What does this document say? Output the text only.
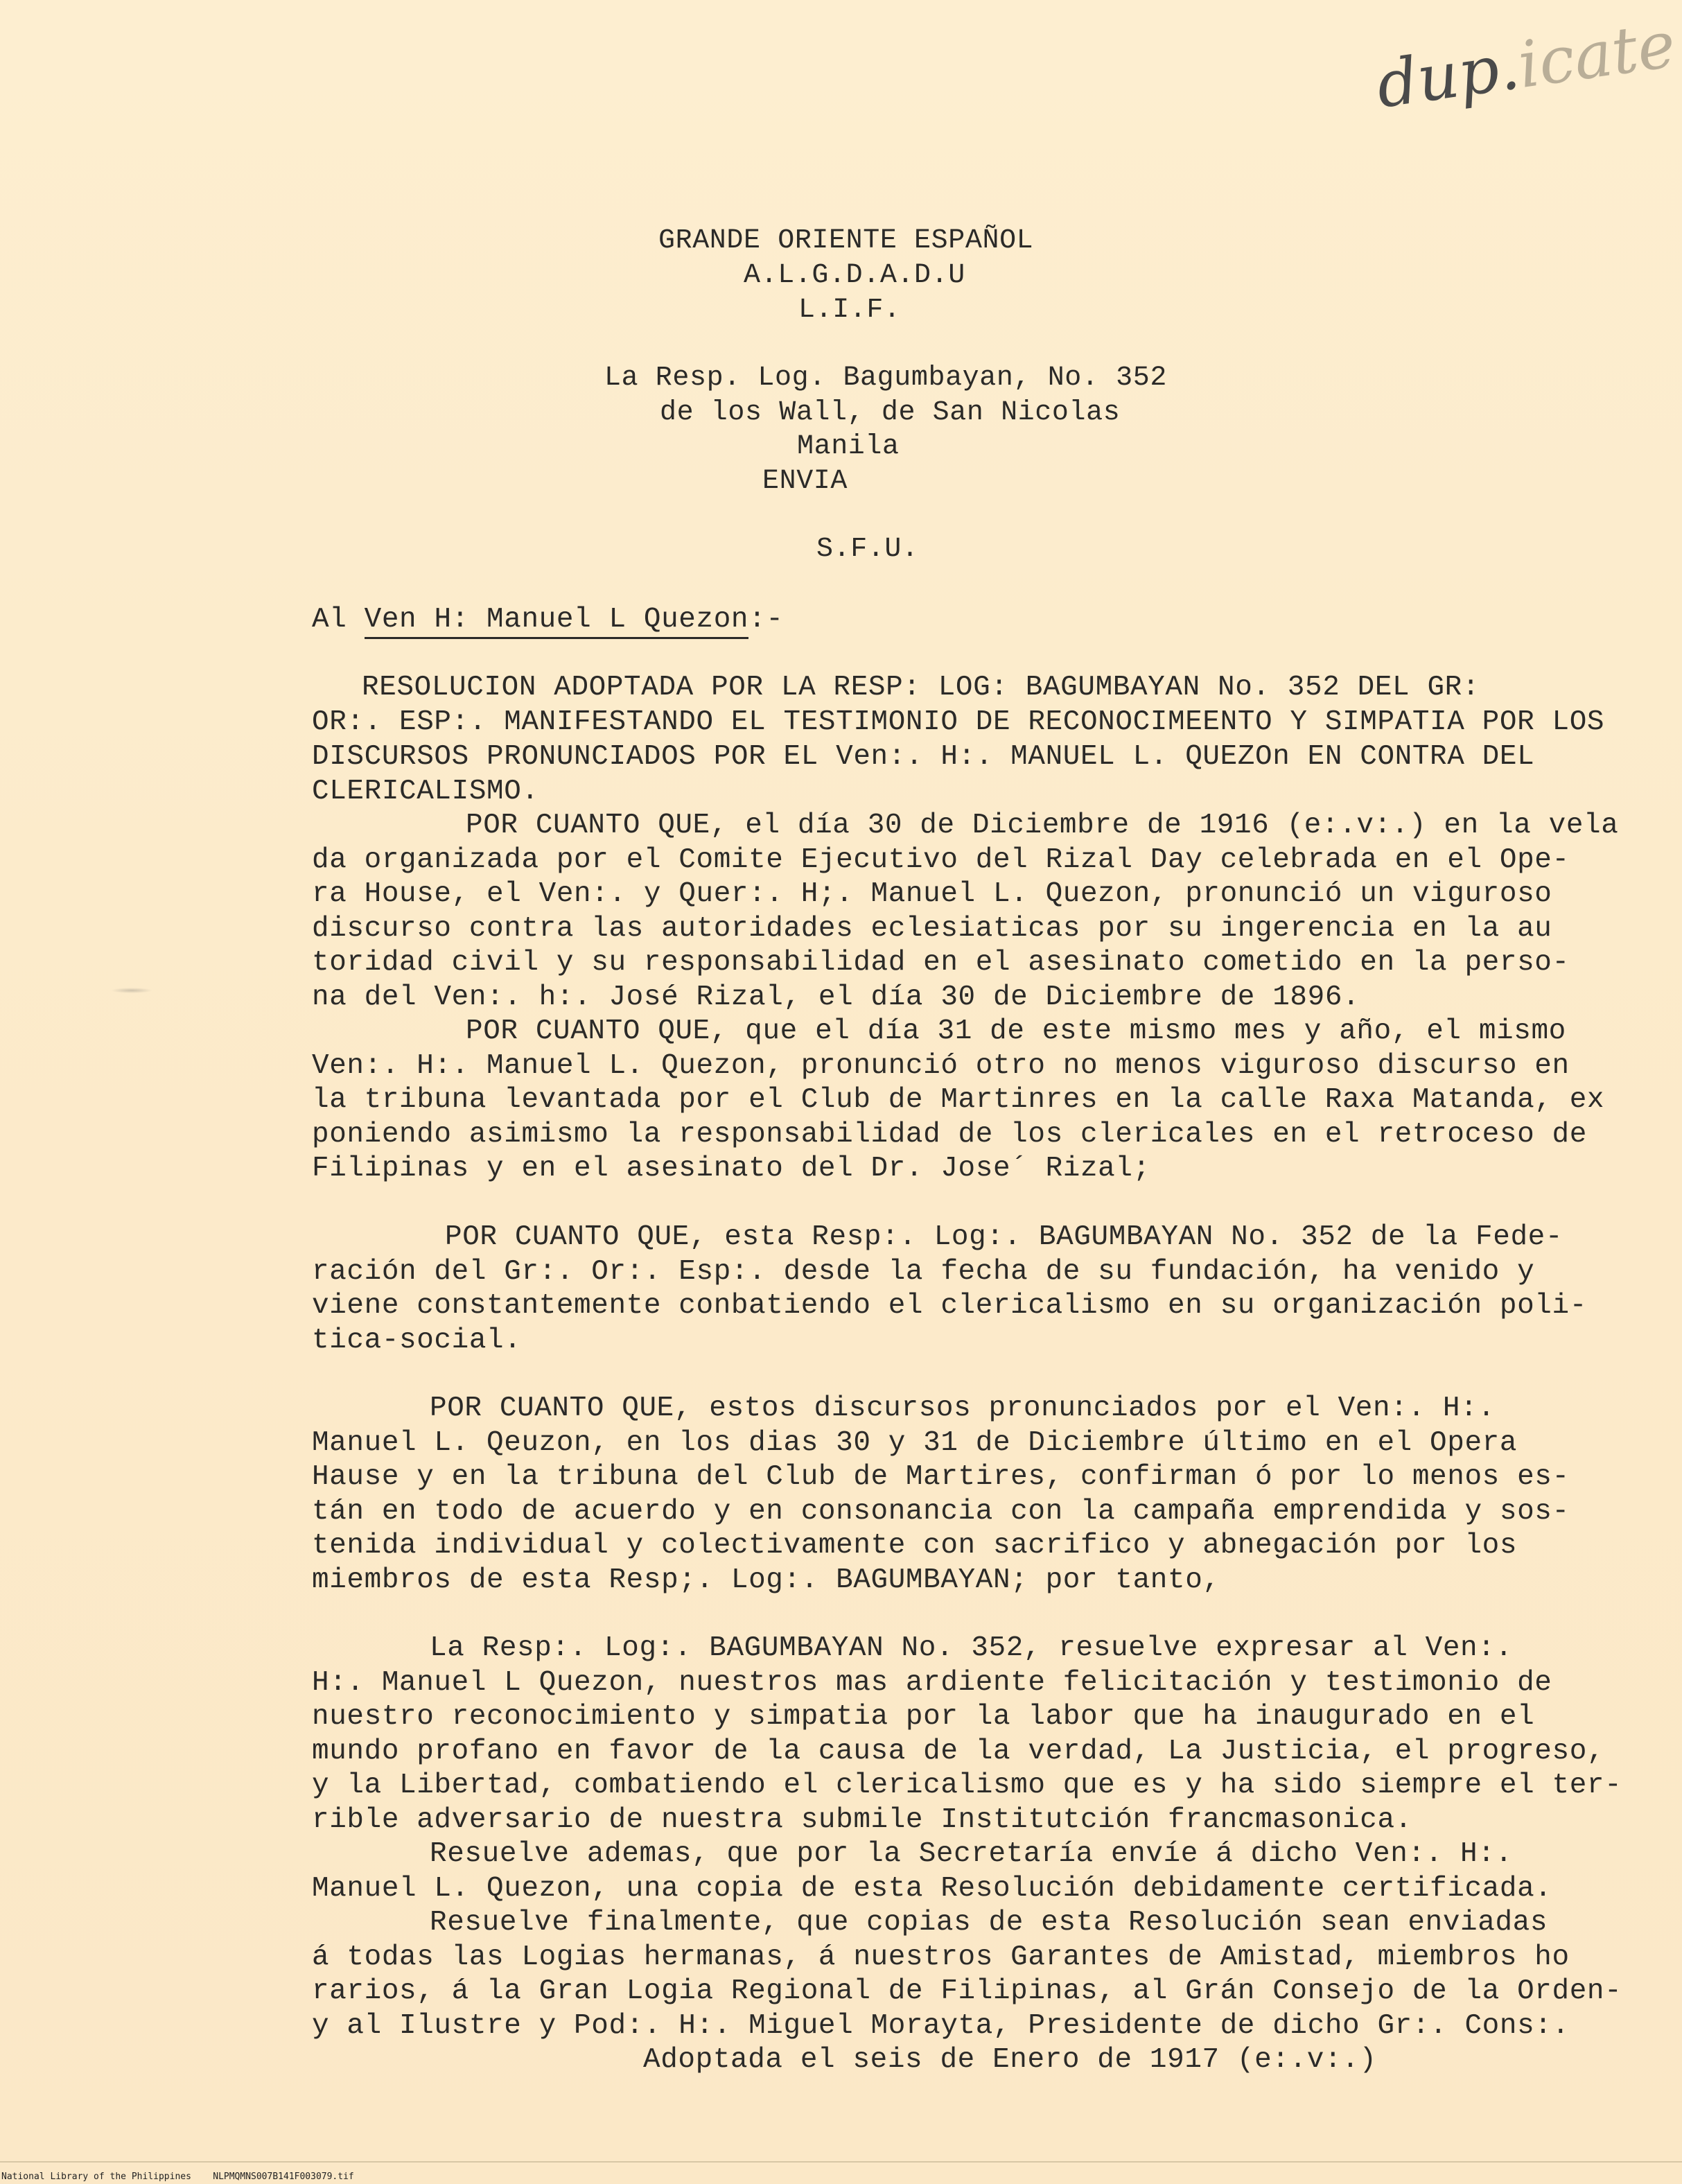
dup.icate
GRANDE ORIENTE ESPAÑOL
A.L.G.D.A.D.U
L.I.F.
La Resp. Log. Bagumbayan, No. 352
de los Wall, de San Nicolas
Manila
ENVIA
S.F.U.
Al Ven H: Manuel L Quezon:-
RESOLUCION ADOPTADA POR LA RESP: LOG: BAGUMBAYAN No. 352 DEL GR:
OR:. ESP:. MANIFESTANDO EL TESTIMONIO DE RECONOCIMEENTO Y SIMPATIA POR LOS
DISCURSOS PRONUNCIADOS POR EL Ven:. H:. MANUEL L. QUEZOn EN CONTRA DEL
CLERICALISMO.
POR CUANTO QUE, el día 30 de Diciembre de 1916 (e:.v:.) en la vela
da organizada por el Comite Ejecutivo del Rizal Day celebrada en el Ope-
ra House, el Ven:. y Quer:. H;. Manuel L. Quezon, pronunció un viguroso
discurso contra las autoridades eclesiaticas por su ingerencia en la au
toridad civil y su responsabilidad en el asesinato cometido en la perso-
na del Ven:. h:. José Rizal, el día 30 de Diciembre de 1896.
POR CUANTO QUE, que el día 31 de este mismo mes y año, el mismo
Ven:. H:. Manuel L. Quezon, pronunció otro no menos viguroso discurso en
la tribuna levantada por el Club de Martinres en la calle Raxa Matanda, ex
poniendo asimismo la responsabilidad de los clericales en el retroceso de
Filipinas y en el asesinato del Dr. Jose´ Rizal;
POR CUANTO QUE, esta Resp:. Log:. BAGUMBAYAN No. 352 de la Fede-
ración del Gr:. Or:. Esp:. desde la fecha de su fundación, ha venido y
viene constantemente conbatiendo el clericalismo en su organización poli-
tica-social.
POR CUANTO QUE, estos discursos pronunciados por el Ven:. H:.
Manuel L. Qeuzon, en los dias 30 y 31 de Diciembre último en el Opera
Hause y en la tribuna del Club de Martires, confirman ó por lo menos es-
tán en todo de acuerdo y en consonancia con la campaña emprendida y sos-
tenida individual y colectivamente con sacrifico y abnegación por los
miembros de esta Resp;. Log:. BAGUMBAYAN; por tanto,
La Resp:. Log:. BAGUMBAYAN No. 352, resuelve expresar al Ven:.
H:. Manuel L Quezon, nuestros mas ardiente felicitación y testimonio de
nuestro reconocimiento y simpatia por la labor que ha inaugurado en el
mundo profano en favor de la causa de la verdad, La Justicia, el progreso,
y la Libertad, combatiendo el clericalismo que es y ha sido siempre el ter-
rible adversario de nuestra submile Institutción francmasonica.
Resuelve ademas, que por la Secretaría envíe á dicho Ven:. H:.
Manuel L. Quezon, una copia de esta Resolución debidamente certificada.
Resuelve finalmente, que copias de esta Resolución sean enviadas
á todas las Logias hermanas, á nuestros Garantes de Amistad, miembros ho
rarios, á la Gran Logia Regional de Filipinas, al Grán Consejo de la Orden-
y al Ilustre y Pod:. H:. Miguel Morayta, Presidente de dicho Gr:. Cons:.
Adoptada el seis de Enero de 1917 (e:.v:.)
National Library of the Philippines    NLPMQMNS007B141F003079.tif
